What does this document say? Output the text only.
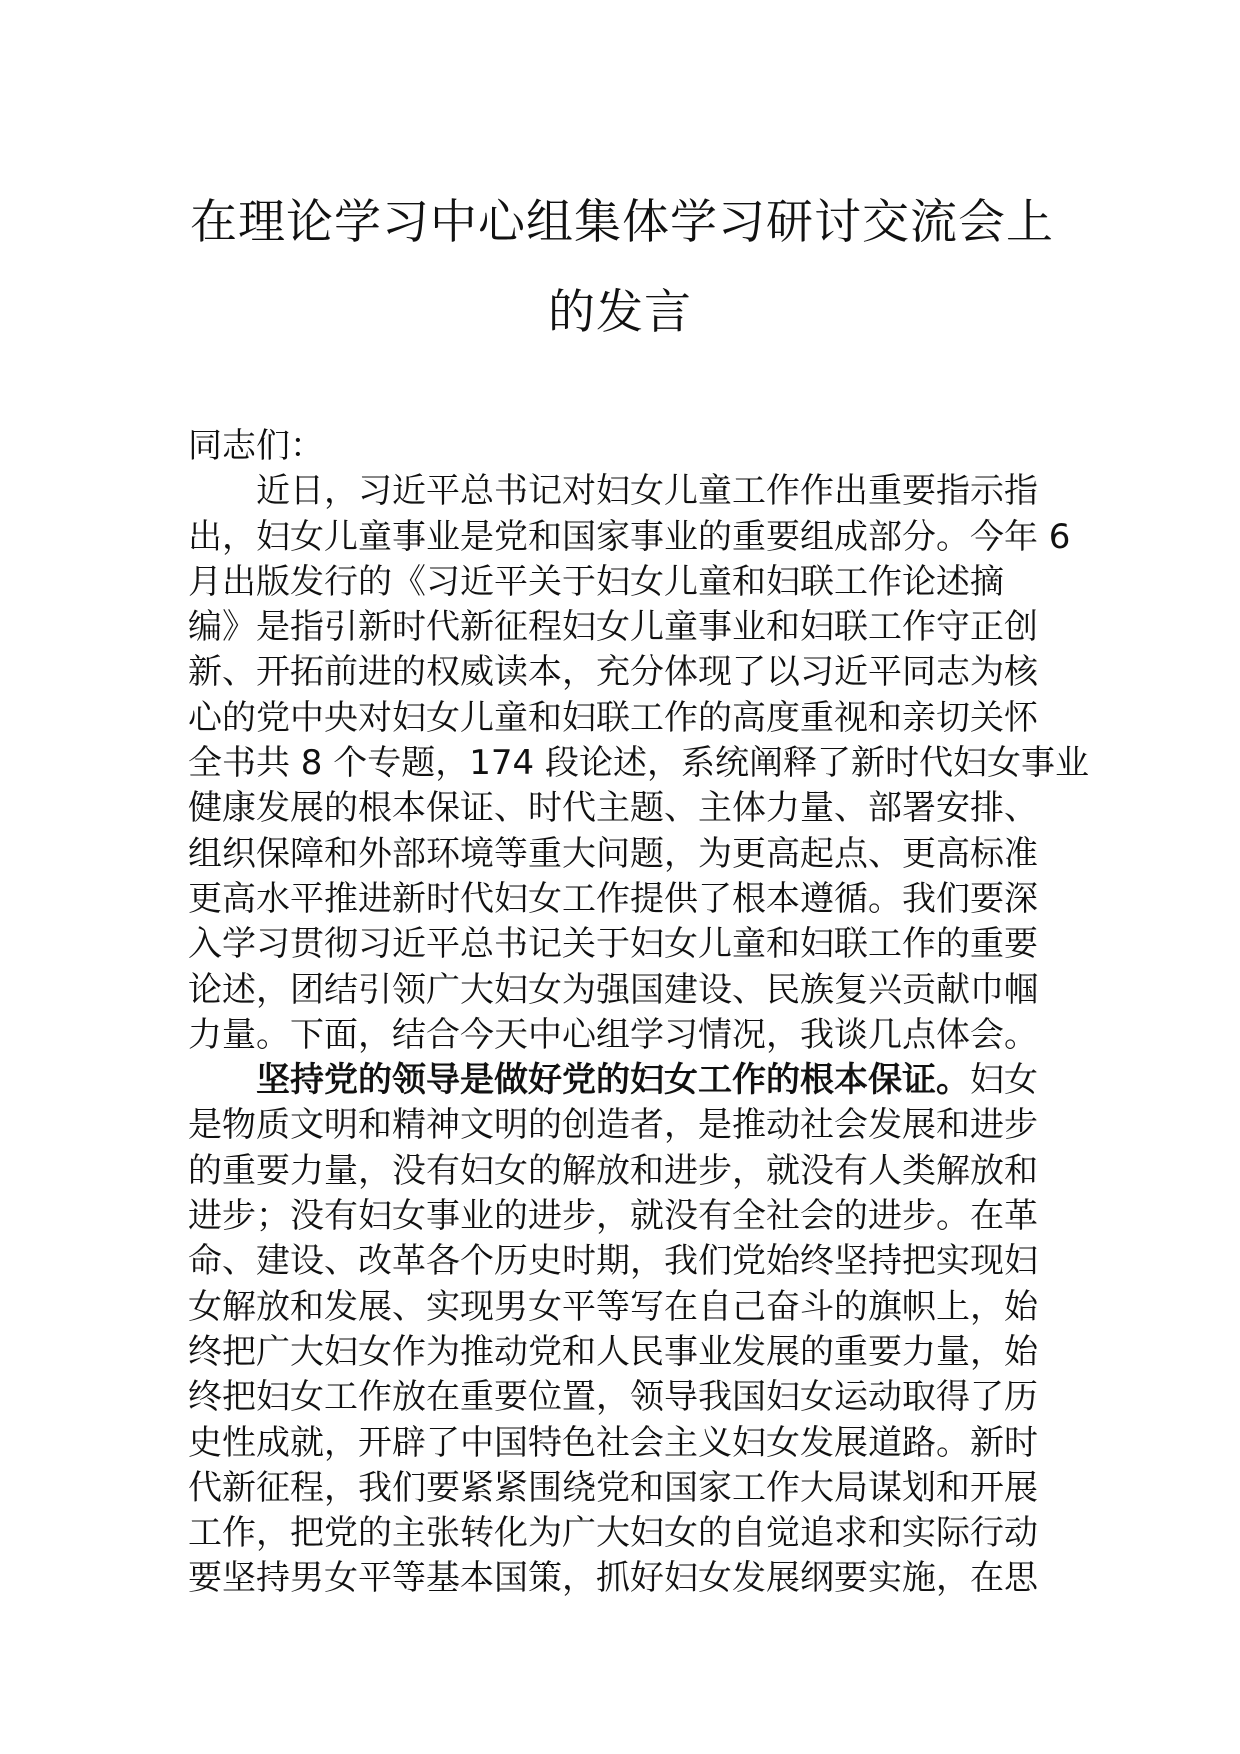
在理论学习中心组集体学习研讨交流会上
的发言
同志们：
近日，习近平总书记对妇女儿童工作作出重要指示指
出，妇女儿童事业是党和国家事业的重要组成部分。今年 6
月出版发行的《习近平关于妇女儿童和妇联工作论述摘
编》是指引新时代新征程妇女儿童事业和妇联工作守正创
新、开拓前进的权威读本，充分体现了以习近平同志为核
心的党中央对妇女儿童和妇联工作的高度重视和亲切关怀
全书共 8 个专题，174 段论述，系统阐释了新时代妇女事业
健康发展的根本保证、时代主题、主体力量、部署安排、
组织保障和外部环境等重大问题，为更高起点、更高标准
更高水平推进新时代妇女工作提供了根本遵循。我们要深
入学习贯彻习近平总书记关于妇女儿童和妇联工作的重要
论述，团结引领广大妇女为强国建设、民族复兴贡献巾帼
力量。下面，结合今天中心组学习情况，我谈几点体会。
坚持党的领导是做好党的妇女工作的根本保证。妇女
是物质文明和精神文明的创造者，是推动社会发展和进步
的重要力量，没有妇女的解放和进步，就没有人类解放和
进步；没有妇女事业的进步，就没有全社会的进步。在革
命、建设、改革各个历史时期，我们党始终坚持把实现妇
女解放和发展、实现男女平等写在自己奋斗的旗帜上，始
终把广大妇女作为推动党和人民事业发展的重要力量，始
终把妇女工作放在重要位置，领导我国妇女运动取得了历
史性成就，开辟了中国特色社会主义妇女发展道路。新时
代新征程，我们要紧紧围绕党和国家工作大局谋划和开展
工作，把党的主张转化为广大妇女的自觉追求和实际行动
要坚持男女平等基本国策，抓好妇女发展纲要实施，在思
